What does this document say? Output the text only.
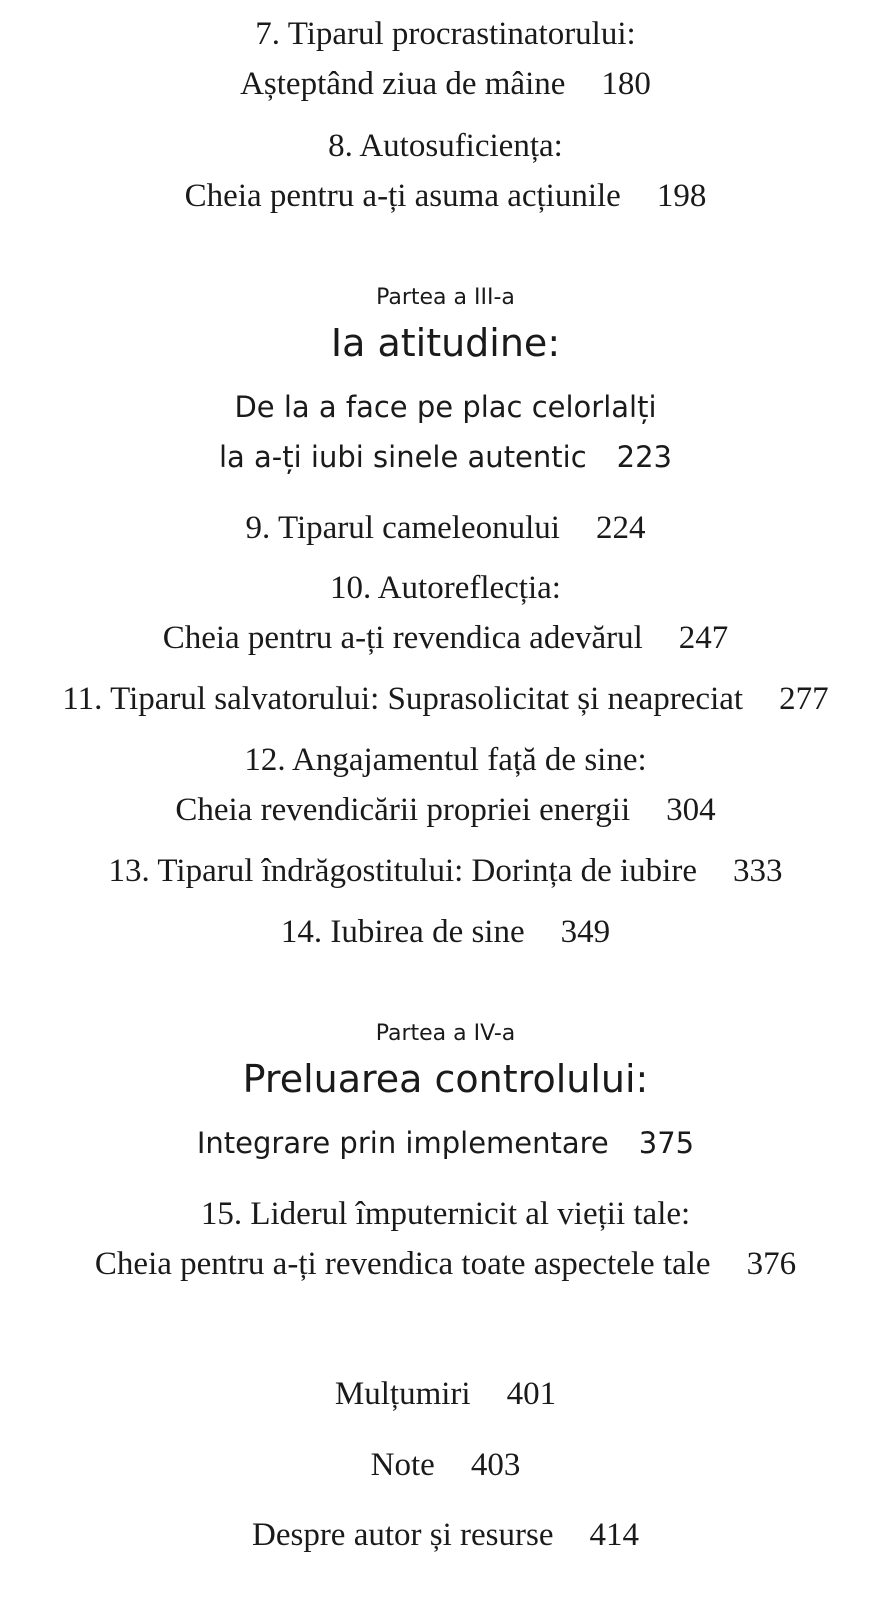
7. Tiparul procrastinatorului:
Așteptând ziua de mâine 180
8. Autosuficiența:
Cheia pentru a-ți asuma acțiunile 198
Partea a III-a
Ia atitudine:
De la a face pe plac celorlalți
la a-ți iubi sinele autentic 223
9. Tiparul cameleonului 224
10. Autoreflecția:
Cheia pentru a-ți revendica adevărul 247
11. Tiparul salvatorului: Suprasolicitat și neapreciat 277
12. Angajamentul față de sine:
Cheia revendicării propriei energii 304
13. Tiparul îndrăgostitului: Dorința de iubire 333
14. Iubirea de sine 349
Partea a IV-a
Preluarea controlului:
Integrare prin implementare 375
15. Liderul împuternicit al vieții tale:
Cheia pentru a-ți revendica toate aspectele tale 376
Mulțumiri 401
Note 403
Despre autor și resurse 414
